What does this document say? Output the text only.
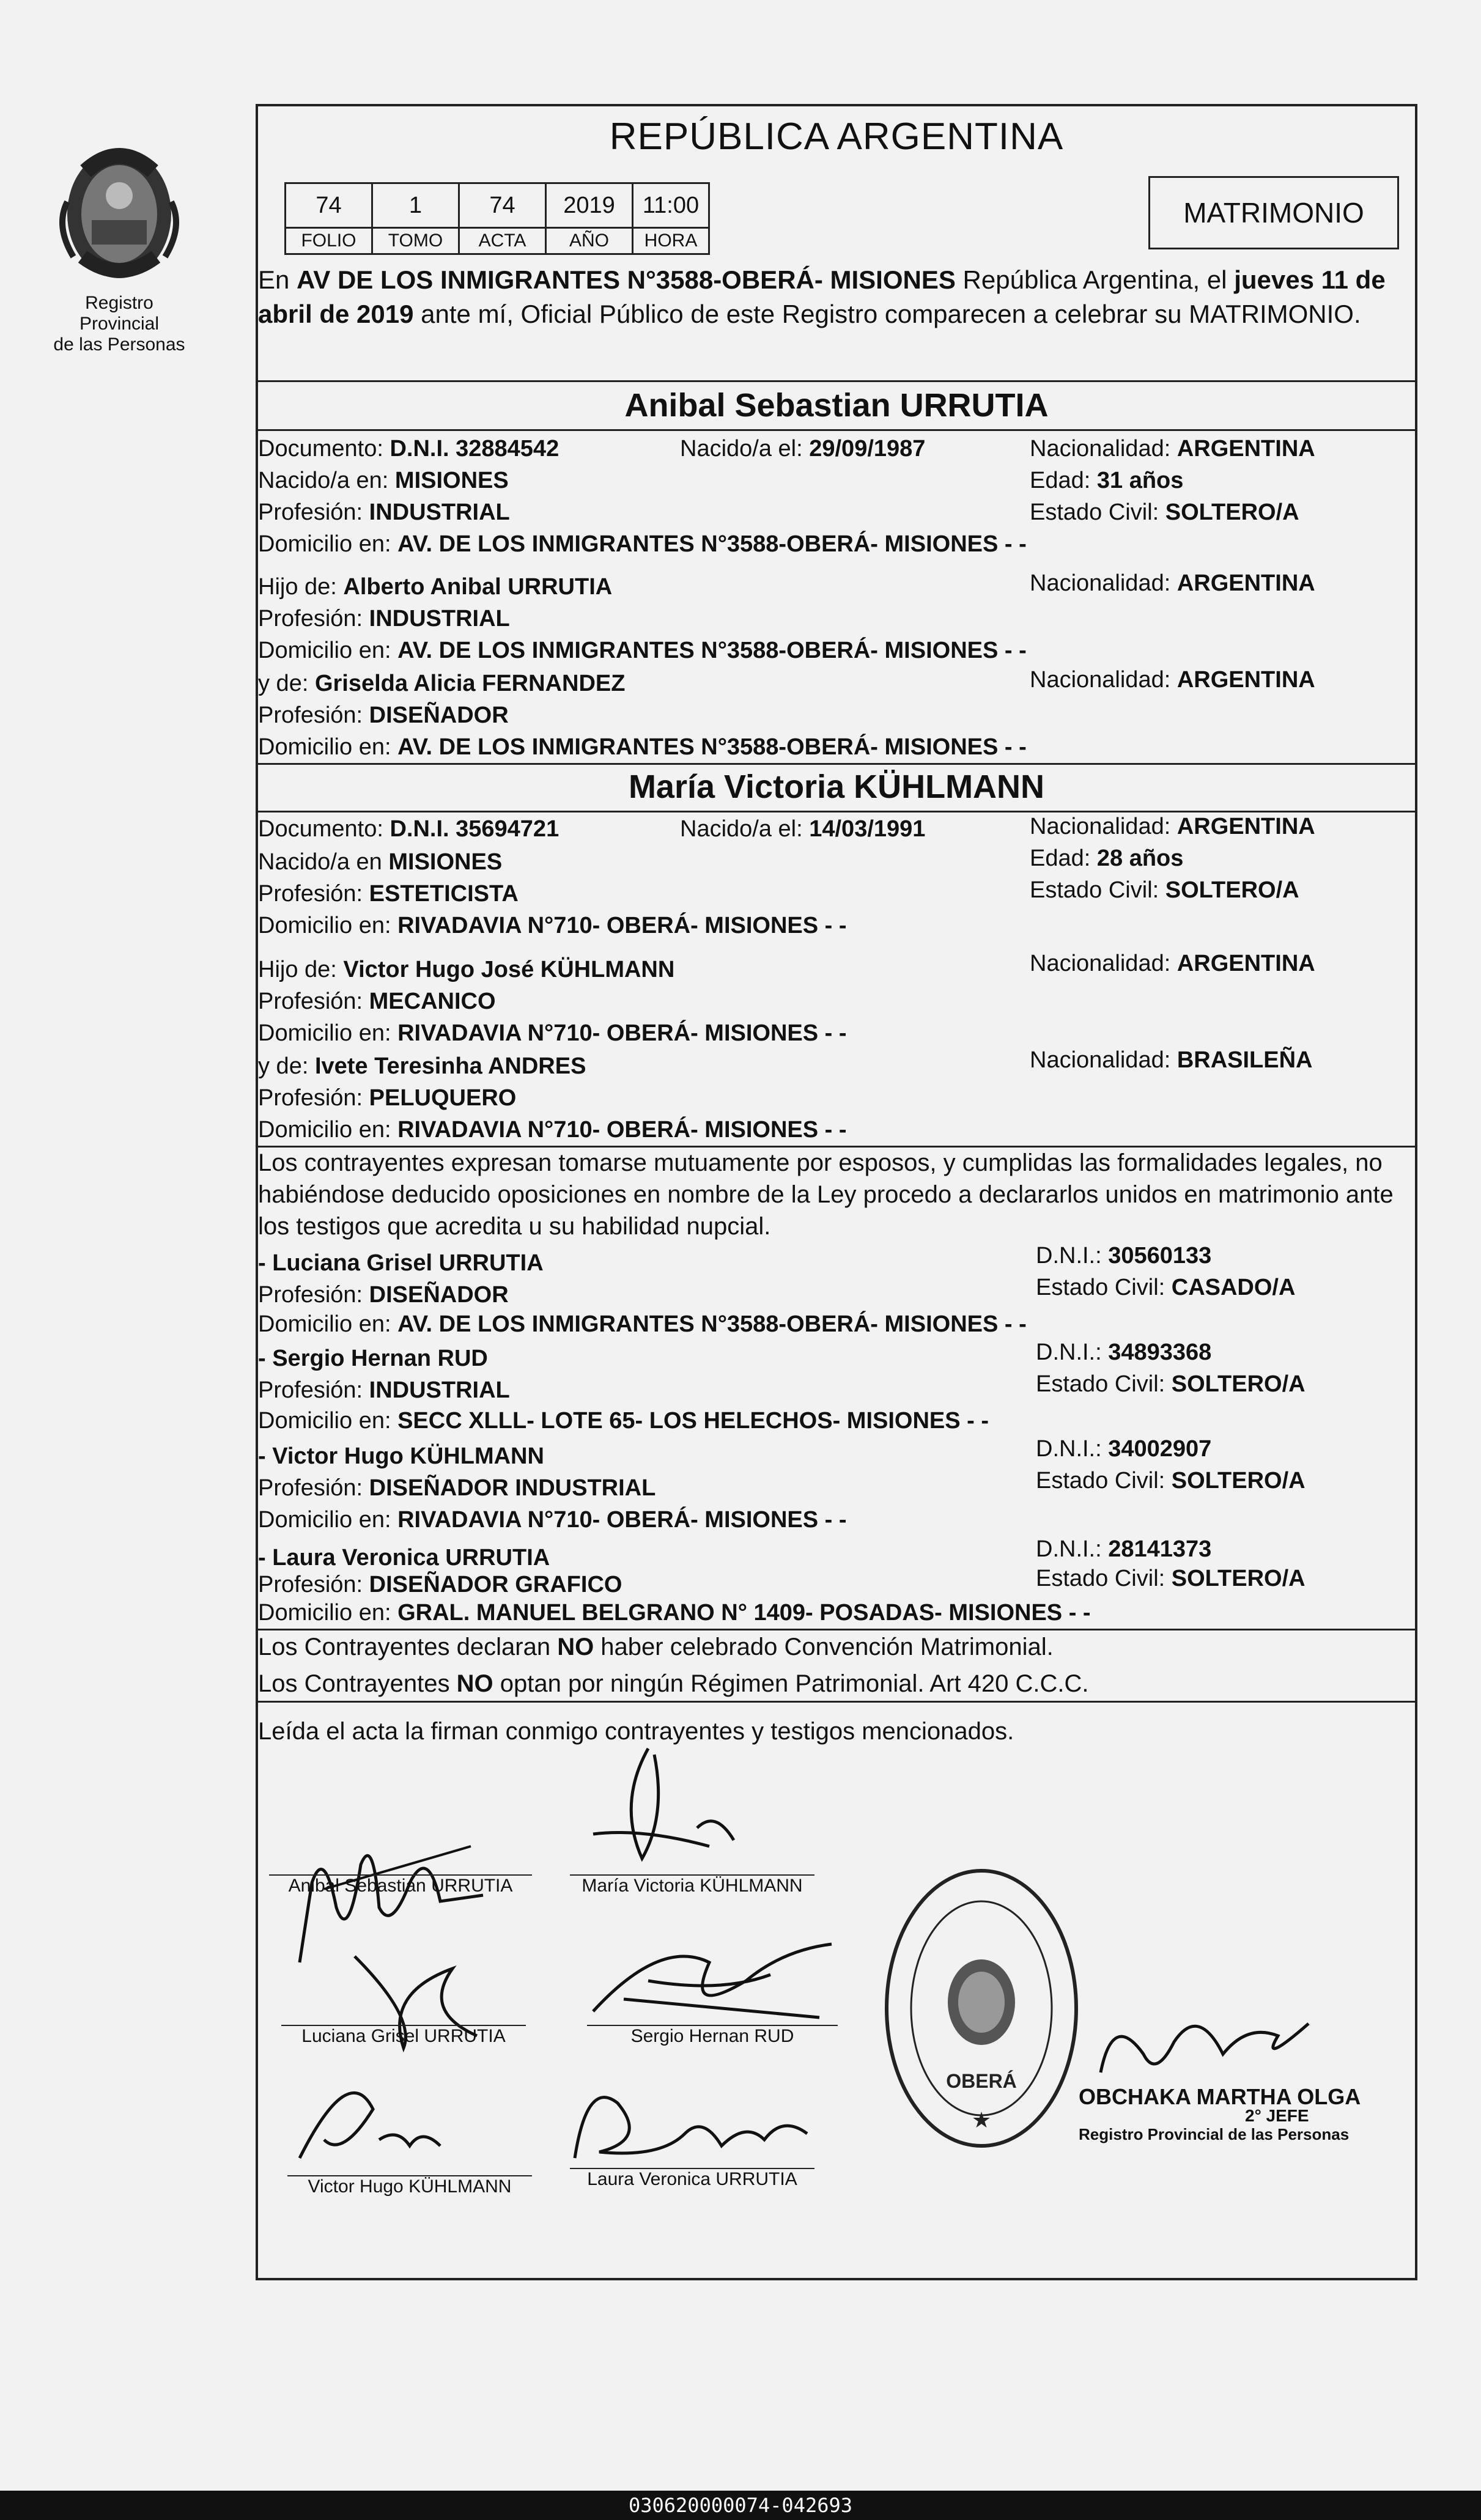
Registro Provincial
de las Personas
REPÚBLICA ARGENTINA
74	1	74	2019	11:00
FOLIO	TOMO	ACTA	AÑO	HORA
MATRIMONIO
En AV DE LOS INMIGRANTES N°3588-OBERÁ- MISIONES República Argentina, el jueves 11 de abril de 2019 ante mí, Oficial Público de este Registro comparecen a celebrar su MATRIMONIO.
Anibal Sebastian URRUTIA
Documento: D.N.I. 32884542	Nacido/a el: 29/09/1987	Nacionalidad: ARGENTINA
Nacido/a en: MISIONES	Edad: 31 años
Profesión: INDUSTRIAL	Estado Civil: SOLTERO/A
Domicilio en: AV. DE LOS INMIGRANTES N°3588-OBERÁ- MISIONES - -
Hijo de: Alberto Anibal URRUTIA	Nacionalidad: ARGENTINA
Profesión: INDUSTRIAL
Domicilio en: AV. DE LOS INMIGRANTES N°3588-OBERÁ- MISIONES - -
y de: Griselda Alicia FERNANDEZ	Nacionalidad: ARGENTINA
Profesión: DISEÑADOR
Domicilio en: AV. DE LOS INMIGRANTES N°3588-OBERÁ- MISIONES - -
María Victoria KÜHLMANN
Documento: D.N.I. 35694721	Nacido/a el: 14/03/1991	Nacionalidad: ARGENTINA
Nacido/a en MISIONES	Edad: 28 años
Profesión: ESTETICISTA	Estado Civil: SOLTERO/A
Domicilio en: RIVADAVIA N°710- OBERÁ- MISIONES - -
Hijo de: Victor Hugo José KÜHLMANN	Nacionalidad: ARGENTINA
Profesión: MECANICO
Domicilio en: RIVADAVIA N°710- OBERÁ- MISIONES - -
y de: Ivete Teresinha ANDRES	Nacionalidad: BRASILEÑA
Profesión: PELUQUERO
Domicilio en: RIVADAVIA N°710- OBERÁ- MISIONES - -
Los contrayentes expresan tomarse mutuamente por esposos, y cumplidas las formalidades legales, no habiéndose deducido oposiciones en nombre de la Ley procedo a declararlos unidos en matrimonio ante los testigos que acredita u su habilidad nupcial.
- Luciana Grisel URRUTIA	D.N.I.: 30560133
Profesión: DISEÑADOR	Estado Civil: CASADO/A
Domicilio en: AV. DE LOS INMIGRANTES N°3588-OBERÁ- MISIONES - -
- Sergio Hernan RUD	D.N.I.: 34893368
Profesión: INDUSTRIAL	Estado Civil: SOLTERO/A
Domicilio en: SECC XLLL- LOTE 65- LOS HELECHOS- MISIONES - -
- Victor Hugo KÜHLMANN	D.N.I.: 34002907
Profesión: DISEÑADOR INDUSTRIAL	Estado Civil: SOLTERO/A
Domicilio en: RIVADAVIA N°710- OBERÁ- MISIONES - -
- Laura Veronica URRUTIA	D.N.I.: 28141373
Profesión: DISEÑADOR GRAFICO	Estado Civil: SOLTERO/A
Domicilio en: GRAL. MANUEL BELGRANO N° 1409- POSADAS- MISIONES - -
Los Contrayentes declaran NO haber celebrado Convención Matrimonial.
Los Contrayentes NO optan por ningún Régimen Patrimonial. Art 420 C.C.C.
Leída el acta la firman conmigo contrayentes y testigos mencionados.
Anibal Sebastian URRUTIA	María Victoria KÜHLMANN
Luciana Grisel URRUTIA	Sergio Hernan RUD
Victor Hugo KÜHLMANN	Laura Veronica URRUTIA
OBERÁ
★
OBCHAKA MARTHA OLGA
2° JEFE
Registro Provincial de las Personas
030620000074-042693
